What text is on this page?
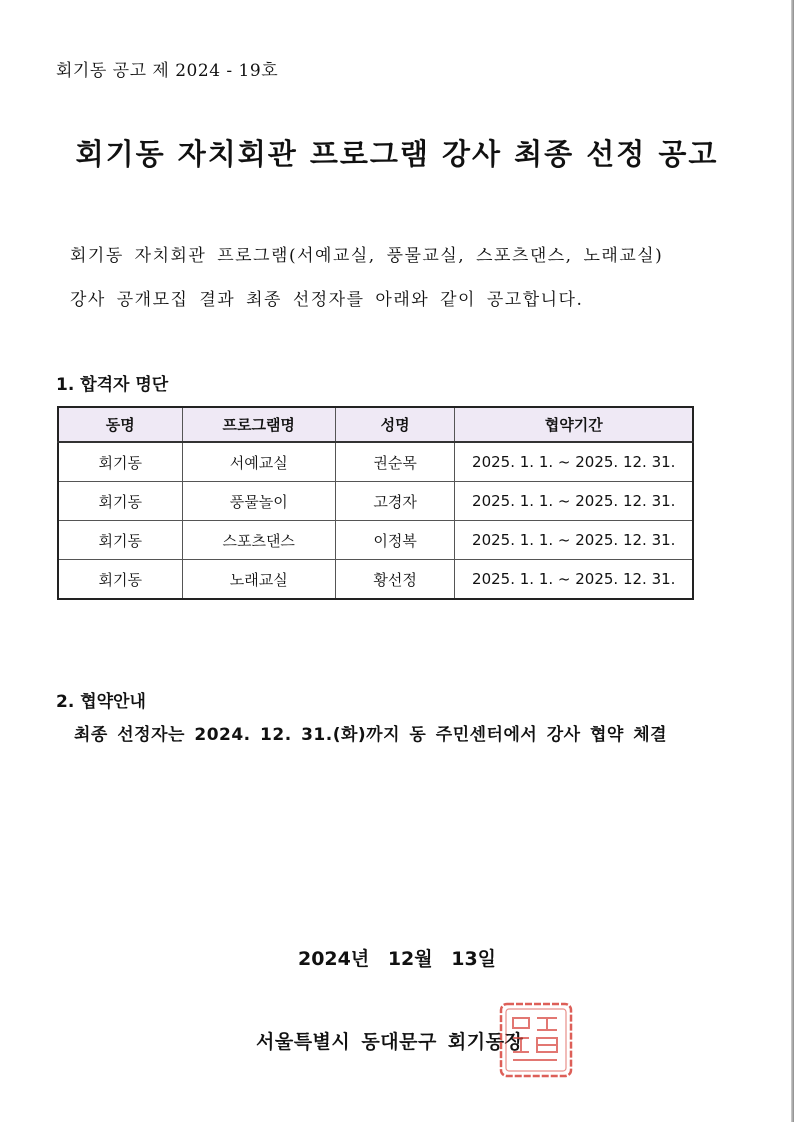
회기동 공고 제 2024 - 19호
회기동 자치회관 프로그램 강사 최종 선정 공고
회기동 자치회관 프로그램(서예교실, 풍물교실, 스포츠댄스, 노래교실)
강사 공개모집 결과 최종 선정자를 아래와 같이 공고합니다.
1. 합격자 명단
동명	프로그램명	성명	협약기간
회기동	서예교실	권순목	2025. 1. 1. ~ 2025. 12. 31.
회기동	풍물놀이	고경자	2025. 1. 1. ~ 2025. 12. 31.
회기동	스포츠댄스	이정복	2025. 1. 1. ~ 2025. 12. 31.
회기동	노래교실	황선정	2025. 1. 1. ~ 2025. 12. 31.
2. 협약안내
최종 선정자는 2024. 12. 31.(화)까지 동 주민센터에서 강사 협약 체결
2024년 12월 13일
서울특별시 동대문구 회기동장
